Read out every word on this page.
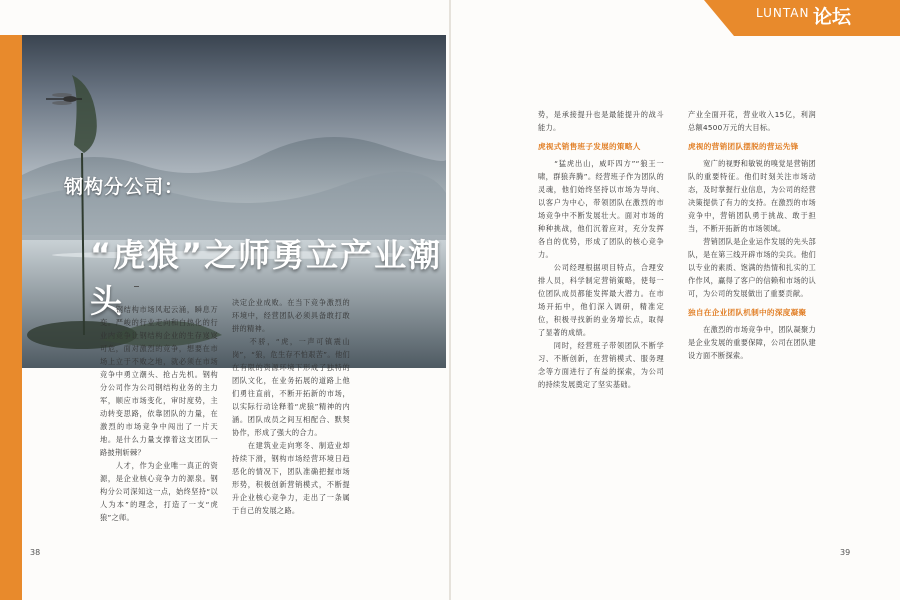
LUNTAN 论坛
钢构分公司：
“虎狼”之师勇立产业潮头
　　钢结构市场风起云涌，瞬息万变。严峻的行业走向和白热化的行业内竞争让钢结构企业的生存岌岌可危，面对激烈的竞争，想要在市场上立于不败之地，就必须在市场竞争中勇立潮头、抢占先机。钢构分公司作为公司钢结构业务的主力军，顺应市场变化，审时度势，主动转变思路，依靠团队的力量，在激烈的市场竞争中闯出了一片天地。是什么力量支撑着这支团队一路披荆斩棘？
　　人才，作为企业唯一真正的资源，是企业核心竞争力的源泉。钢构分公司深知这一点，始终坚持“以人为本”的理念，打造了一支“虎狼”之师。
决定企业成败。在当下竞争激烈的环境中，经营团队必须具备敢打敢拼的精神。
　　不骄，“虎，一声可镇震山岗”，“狼，危生存不怕艰苦”。他们在有限的资源环境下形成了独特的团队文化，在业务拓展的道路上他们勇往直前，不断开拓新的市场，以实际行动诠释着“虎狼”精神的内涵。团队成员之间互相配合、默契协作，形成了强大的合力。
　　在建筑业走向寒冬、制造业却持续下滑，钢构市场经营环境日趋恶化的情况下，团队准确把握市场形势，积极创新营销模式，不断提升企业核心竞争力，走出了一条属于自己的发展之路。
势，是承接提升也是最能提升的战斗能力。
虎视式销售班子发展的策略人
　　“猛虎出山，威吓四方”“狼王一啸，群狼奔腾”。经营班子作为团队的灵魂，他们始终坚持以市场为导向、以客户为中心，带领团队在激烈的市场竞争中不断发展壮大。面对市场的种种挑战，他们沉着应对，充分发挥各自的优势，形成了团队的核心竞争力。
　　公司经理根据项目特点，合理安排人员，科学制定营销策略，使每一位团队成员都能发挥最大潜力。在市场开拓中，他们深入调研，精准定位，积极寻找新的业务增长点，取得了显著的成绩。
　　同时，经营班子带领团队不断学习、不断创新，在营销模式、服务理念等方面进行了有益的探索，为公司的持续发展奠定了坚实基础。
产业全面开花，营业收入15亿，利润总额4500万元的大目标。
虎视的营销团队摆脱的营运先锋
　　宽广的视野和敏锐的嗅觉是营销团队的重要特征。他们时刻关注市场动态，及时掌握行业信息，为公司的经营决策提供了有力的支持。在激烈的市场竞争中，营销团队勇于挑战、敢于担当，不断开拓新的市场领域。
　　营销团队是企业运作发展的先头部队，是在第三线开辟市场的尖兵。他们以专业的素质、饱满的热情和扎实的工作作风，赢得了客户的信赖和市场的认可，为公司的发展做出了重要贡献。
独自在企业团队机制中的深度凝聚
　　在激烈的市场竞争中，团队凝聚力是企业发展的重要保障，公司在团队建设方面不断探索。
38	39
